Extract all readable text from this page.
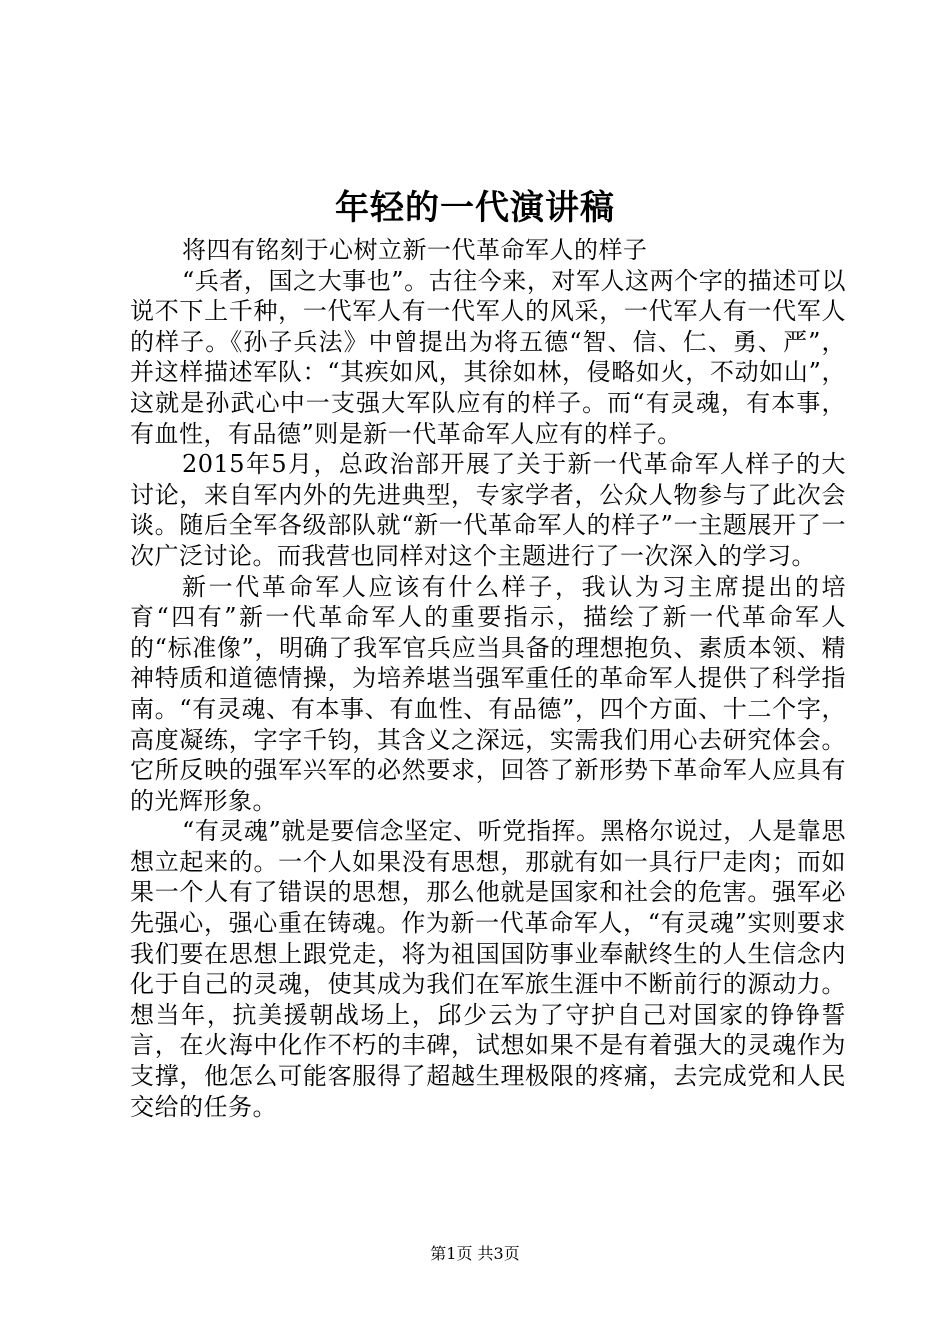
年轻的一代演讲稿

将四有铭刻于心树立新一代革命军人的样子

“兵者，国之大事也”。古往今来，对军人这两个字的描述可以说不下上千种，一代军人有一代军人的风采，一代军人有一代军人的样子。《孙子兵法》中曾提出为将五德“智、信、仁、勇、严”，并这样描述军队：“其疾如风，其徐如林，侵略如火，不动如山”，这就是孙武心中一支强大军队应有的样子。而“有灵魂，有本事，有血性，有品德”则是新一代革命军人应有的样子。

2015年5月，总政治部开展了关于新一代革命军人样子的大讨论，来自军内外的先进典型，专家学者，公众人物参与了此次会谈。随后全军各级部队就“新一代革命军人的样子”一主题展开了一次广泛讨论。而我营也同样对这个主题进行了一次深入的学习。

新一代革命军人应该有什么样子，我认为习主席提出的培育“四有”新一代革命军人的重要指示，描绘了新一代革命军人的“标准像”，明确了我军官兵应当具备的理想抱负、素质本领、精神特质和道德情操，为培养堪当强军重任的革命军人提供了科学指南。“有灵魂、有本事、有血性、有品德”，四个方面、十二个字，高度凝练，字字千钧，其含义之深远，实需我们用心去研究体会。它所反映的强军兴军的必然要求，回答了新形势下革命军人应具有的光辉形象。

“有灵魂”就是要信念坚定、听党指挥。黑格尔说过，人是靠思想立起来的。一个人如果没有思想，那就有如一具行尸走肉；而如果一个人有了错误的思想，那么他就是国家和社会的危害。强军必先强心，强心重在铸魂。作为新一代革命军人，“有灵魂”实则要求我们要在思想上跟党走，将为祖国国防事业奉献终生的人生信念内化于自己的灵魂，使其成为我们在军旅生涯中不断前行的源动力。想当年，抗美援朝战场上，邱少云为了守护自己对国家的铮铮誓言，在火海中化作不朽的丰碑，试想如果不是有着强大的灵魂作为支撑，他怎么可能客服得了超越生理极限的疼痛，去完成党和人民交给的任务。

第1页 共3页
